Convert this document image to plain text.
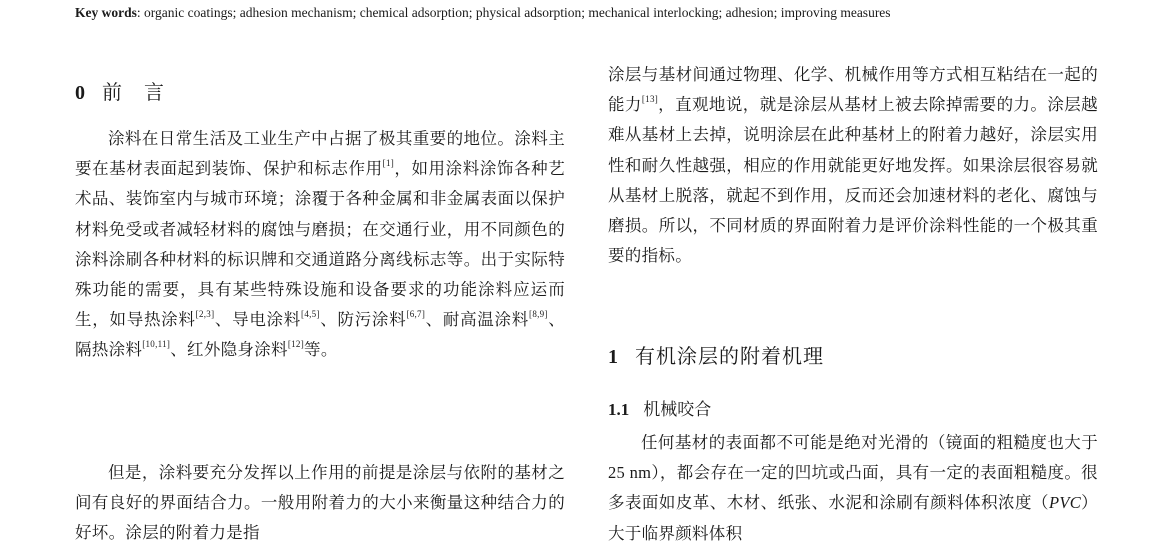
Key words: organic coatings; adhesion mechanism; chemical adsorption; physical adsorption; mechanical interlocking; adhesion; improving measures
0 前　言

涂料在日常生活及工业生产中占据了极其重要的地位。涂料主要在基材表面起到装饰、保护和标志作用[1]，如用涂料涂饰各种艺术品、装饰室内与城市环境；涂覆于各种金属和非金属表面以保护材料免受或者减轻材料的腐蚀与磨损；在交通行业，用不同颜色的涂料涂刷各种材料的标识牌和交通道路分离线标志等。出于实际特殊功能的需要，具有某些特殊设施和设备要求的功能涂料应运而生，如导热涂料[2,3]、导电涂料[4,5]、防污涂料[6,7]、耐高温涂料[8,9]、隔热涂料[10,11]、红外隐身涂料[12]等。

但是，涂料要充分发挥以上作用的前提是涂层与依附的基材之间有良好的界面结合力。一般用附着力的大小来衡量这种结合力的好坏。涂层的附着力是指

涂层与基材间通过物理、化学、机械作用等方式相互粘结在一起的能力[13]，直观地说，就是涂层从基材上被去除掉需要的力。涂层越难从基材上去掉，说明涂层在此种基材上的附着力越好，涂层实用性和耐久性越强，相应的作用就能更好地发挥。如果涂层很容易就从基材上脱落，就起不到作用，反而还会加速材料的老化、腐蚀与磨损。所以，不同材质的界面附着力是评价涂料性能的一个极其重要的指标。

1 有机涂层的附着机理
1.1 机械咬合

任何基材的表面都不可能是绝对光滑的（镜面的粗糙度也大于25 nm），都会存在一定的凹坑或凸面，具有一定的表面粗糙度。很多表面如皮革、木材、纸张、水泥和涂刷有颜料体积浓度（PVC）大于临界颜料体积
